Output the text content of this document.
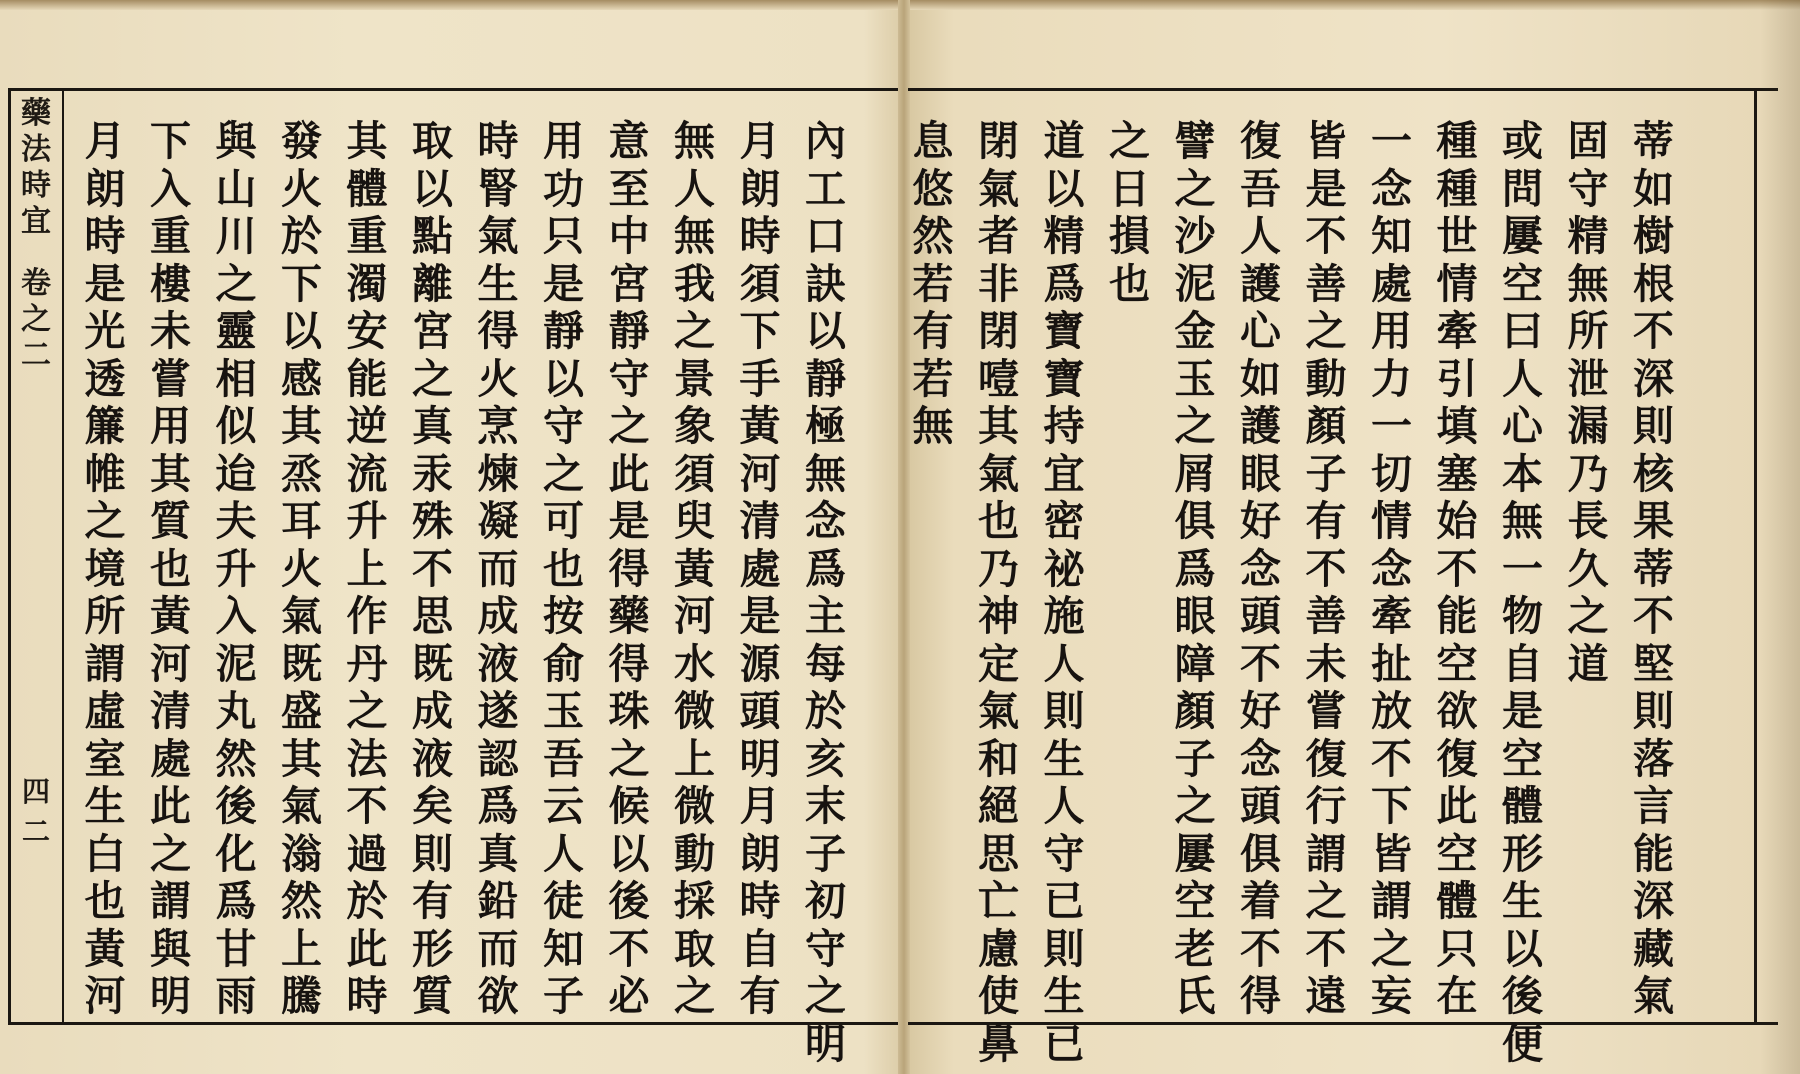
藥
法
時
宜

卷
之
二
四二
月
朗
時
是
光
透
簾
帷
之
境
所
謂
虛
室
生
白
也
黃
河
下
入
重
樓
未
嘗
用
其
質
也
黃
河
清
處
此
之
謂
與
明
與
山
川
之
靈
相
似
迨
夫
升
入
泥
丸
然
後
化
爲
甘
雨
發
火
於
下
以
感
其
烝
耳
火
氣
既
盛
其
氣
滃
然
上
騰
其
體
重
濁
安
能
逆
流
升
上
作
丹
之
法
不
過
於
此
時
取
以
點
離
宮
之
真
汞
殊
不
思
既
成
液
矣
則
有
形
質
時
腎
氣
生
得
火
烹
煉
凝
而
成
液
遂
認
爲
真
鉛
而
欲
用
功
只
是
靜
以
守
之
可
也
按
俞
玉
吾
云
人
徒
知
子
意
至
中
宮
靜
守
之
此
是
得
藥
得
珠
之
候
以
後
不
必
無
人
無
我
之
景
象
須
臾
黃
河
水
微
上
微
動
採
取
之
月
朗
時
須
下
手
黃
河
清
處
是
源
頭
明
月
朗
時
自
有
內
工
口
訣
以
靜
極
無
念
爲
主
每
於
亥
末
子
初
守
之
明
息
悠
然
若
有
若
無
閉
氣
者
非
閉
噎
其
氣
也
乃
神
定
氣
和
絕
思
亡
慮
使
鼻
道
以
精
爲
寶
寶
持
宜
密
祕
施
人
則
生
人
守
已
則
生
已
之
日
損
也
譬
之
沙
泥
金
玉
之
屑
俱
爲
眼
障
顏
子
之
屢
空
老
氏
復
吾
人
護
心
如
護
眼
好
念
頭
不
好
念
頭
俱
着
不
得
皆
是
不
善
之
動
顏
子
有
不
善
未
嘗
復
行
謂
之
不
遠
一
念
知
處
用
力
一
切
情
念
牽
扯
放
不
下
皆
謂
之
妄
種
種
世
情
牽
引
填
塞
始
不
能
空
欲
復
此
空
體
只
在
或
問
屢
空
曰
人
心
本
無
一
物
自
是
空
體
形
生
以
後
便
固
守
精
無
所
泄
漏
乃
長
久
之
道
蒂
如
樹
根
不
深
則
核
果
蒂
不
堅
則
落
言
能
深
藏
氣
